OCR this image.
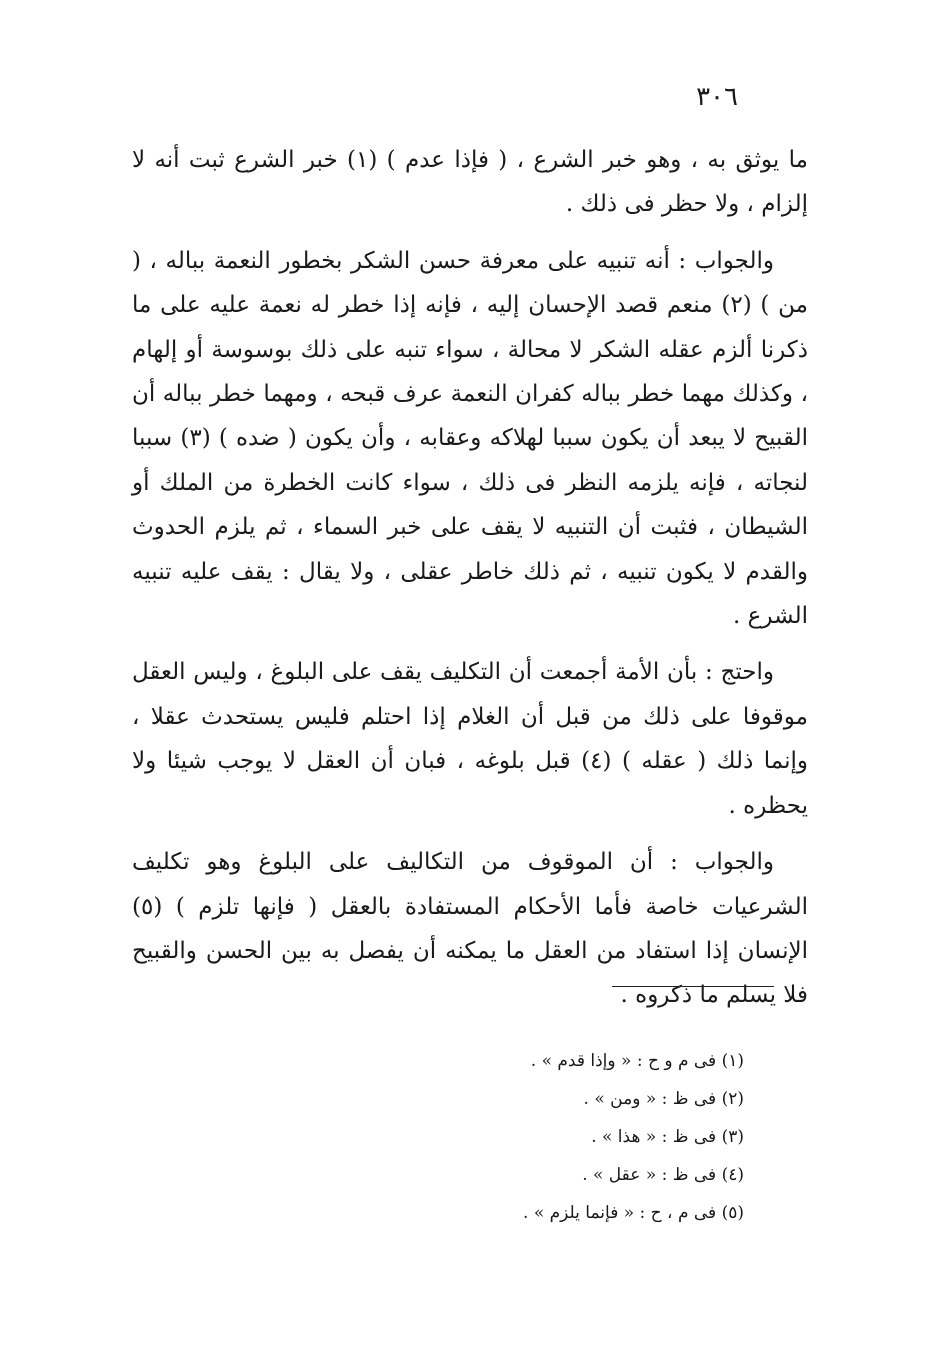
٣٠٦

ما يوثق به ، وهو خبر الشرع ، ( فإذا عدم ) (١) خبر الشرع ثبت أنه لا إلزام ، ولا حظر فى ذلك .

والجواب : أنه تنبيه على معرفة حسن الشكر بخطور النعمة بباله ، ( من ) (٢) منعم قصد الإحسان إليه ، فإنه إذا خطر له نعمة عليه على ما ذكرنا ألزم عقله الشكر لا محالة ، سواء تنبه على ذلك بوسوسة أو إلهام ، وكذلك مهما خطر بباله كفران النعمة عرف قبحه ، ومهما خطر بباله أن القبيح لا يبعد أن يكون سببا لهلاكه وعقابه ، وأن يكون ( ضده ) (٣) سببا لنجاته ، فإنه يلزمه النظر فى ذلك ، سواء كانت الخطرة من الملك أو الشيطان ، فثبت أن التنبيه لا يقف على خبر السماء ، ثم يلزم الحدوث والقدم لا يكون تنبيه ، ثم ذلك خاطر عقلى ، ولا يقال : يقف عليه تنبيه الشرع .

واحتج : بأن الأمة أجمعت أن التكليف يقف على البلوغ ، وليس العقل موقوفا على ذلك من قبل أن الغلام إذا احتلم فليس يستحدث عقلا ، وإنما ذلك ( عقله ) (٤) قبل بلوغه ، فبان أن العقل لا يوجب شيئا ولا يحظره .

والجواب : أن الموقوف من التكاليف على البلوغ وهو تكليف الشرعيات خاصة فأما الأحكام المستفادة بالعقل ( فإنها تلزم ) (٥) الإنسان إذا استفاد من العقل ما يمكنه أن يفصل به بين الحسن والقبيح فلا يسلم ما ذكروه .

(١) فى م و ح : « وإذا قدم » .
(٢) فى ظ : « ومن » .
(٣) فى ظ : « هذا » .
(٤) فى ظ : « عقل » .
(٥) فى م ، ح : « فإنما يلزم » .
